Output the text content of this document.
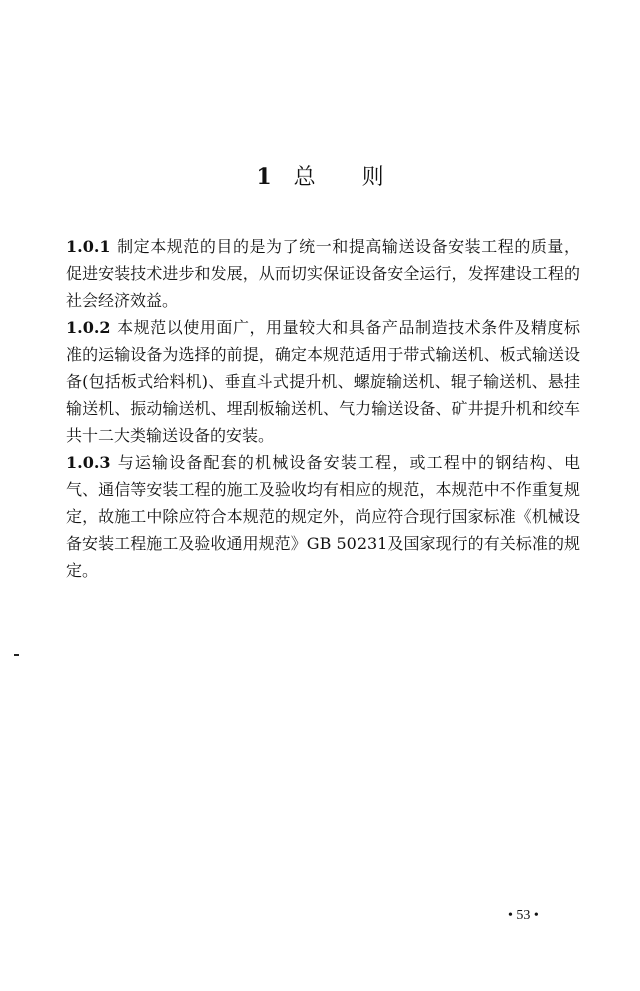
1 总 则

1.0.1 制定本规范的目的是为了统一和提高输送设备安装工程的质量，促进安装技术进步和发展，从而切实保证设备安全运行，发挥建设工程的社会经济效益。

1.0.2 本规范以使用面广，用量较大和具备产品制造技术条件及精度标准的运输设备为选择的前提，确定本规范适用于带式输送机、板式输送设备(包括板式给料机)、垂直斗式提升机、螺旋输送机、辊子输送机、悬挂输送机、振动输送机、埋刮板输送机、气力输送设备、矿井提升机和绞车共十二大类输送设备的安装。

1.0.3 与运输设备配套的机械设备安装工程，或工程中的钢结构、电气、通信等安装工程的施工及验收均有相应的规范，本规范中不作重复规定，故施工中除应符合本规范的规定外，尚应符合现行国家标准《机械设备安装工程施工及验收通用规范》GB 50231及国家现行的有关标准的规定。

• 53 •
